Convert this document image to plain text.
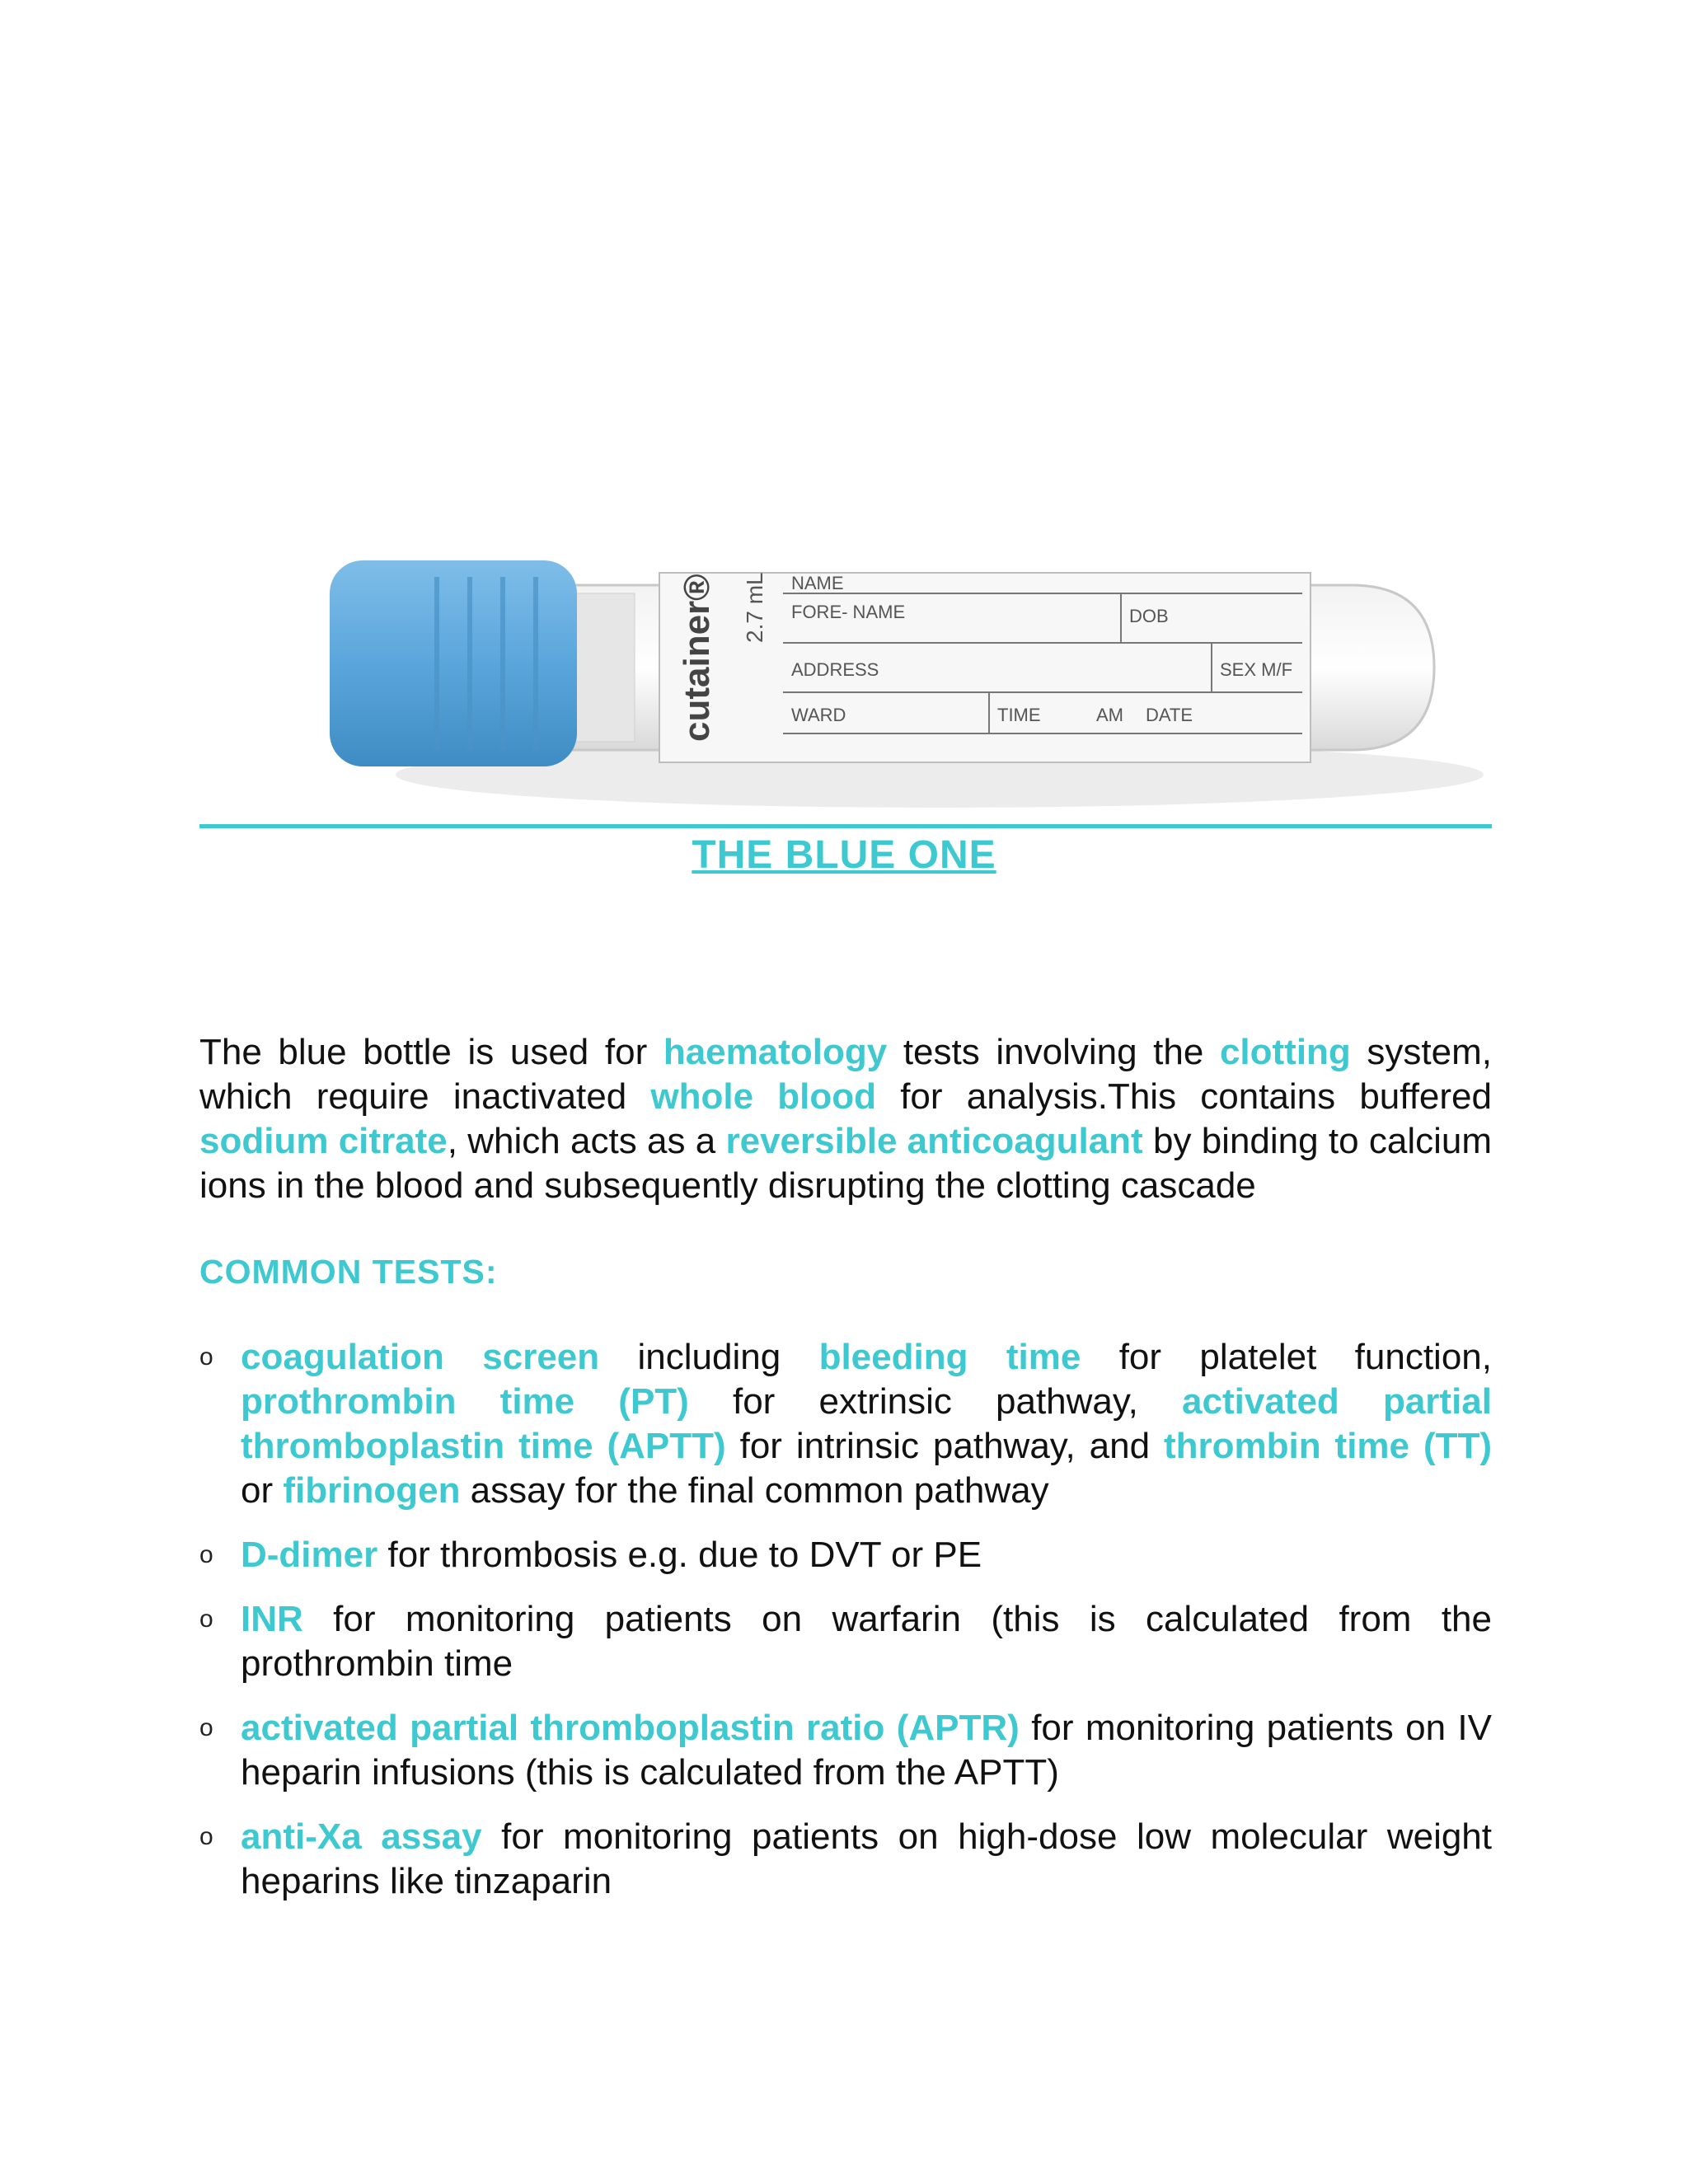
cutainer® 2.7 mL NAME
FORE- NAME	DOB
ADDRESS	SEX M/F
WARD	TIME	AM DATE
THE BLUE ONE

The blue bottle is used for haematology tests involving the clotting system, which require inactivated whole blood for analysis.This contains buffered sodium citrate, which acts as a reversible anticoagulant by binding to calcium ions in the blood and subsequently disrupting the clotting cascade

COMMON TESTS:
o coagulation screen including bleeding time for platelet function, prothrombin time (PT) for extrinsic pathway, activated partial thromboplastin time (APTT) for intrinsic pathway, and thrombin time (TT) or fibrinogen assay for the final common pathway
o D-dimer for thrombosis e.g. due to DVT or PE
o INR for monitoring patients on warfarin (this is calculated from the prothrombin time
o activated partial thromboplastin ratio (APTR) for monitoring patients on IV heparin infusions (this is calculated from the APTT)
o anti-Xa assay for monitoring patients on high-dose low molecular weight heparins like tinzaparin
